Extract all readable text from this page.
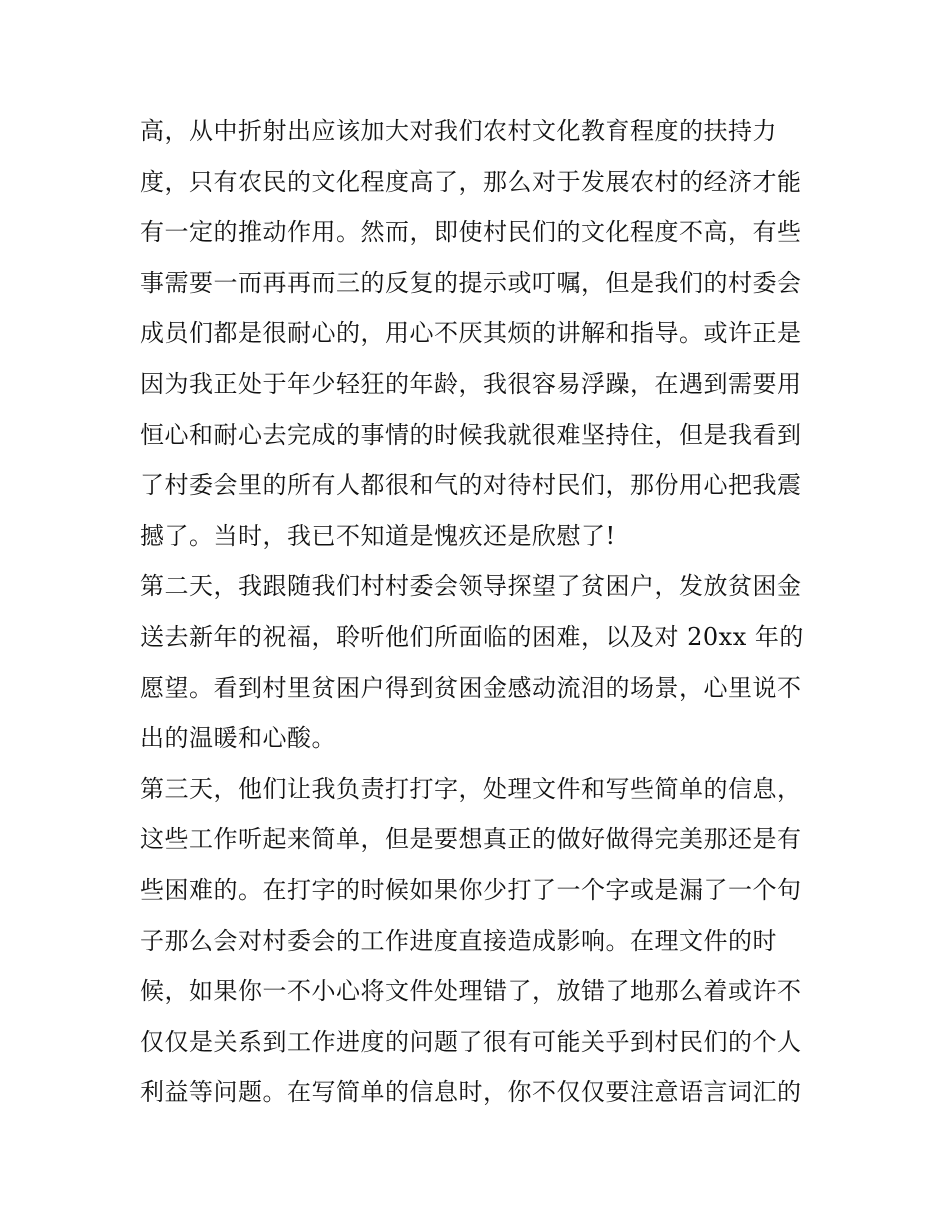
高，从中折射出应该加大对我们农村文化教育程度的扶持力
度，只有农民的文化程度高了，那么对于发展农村的经济才能
有一定的推动作用。然而，即使村民们的文化程度不高，有些
事需要一而再再而三的反复的提示或叮嘱，但是我们的村委会
成员们都是很耐心的，用心不厌其烦的讲解和指导。或许正是
因为我正处于年少轻狂的年龄，我很容易浮躁，在遇到需要用
恒心和耐心去完成的事情的时候我就很难坚持住，但是我看到
了村委会里的所有人都很和气的对待村民们，那份用心把我震
撼了。当时，我已不知道是愧疚还是欣慰了!
第二天，我跟随我们村村委会领导探望了贫困户，发放贫困金
送去新年的祝福，聆听他们所面临的困难，以及对 20xx 年的
愿望。看到村里贫困户得到贫困金感动流泪的场景，心里说不
出的温暖和心酸。
第三天，他们让我负责打打字，处理文件和写些简单的信息，
这些工作听起来简单，但是要想真正的做好做得完美那还是有
些困难的。在打字的时候如果你少打了一个字或是漏了一个句
子那么会对村委会的工作进度直接造成影响。在理文件的时
候，如果你一不小心将文件处理错了，放错了地那么着或许不
仅仅是关系到工作进度的问题了很有可能关乎到村民们的个人
利益等问题。在写简单的信息时，你不仅仅要注意语言词汇的
